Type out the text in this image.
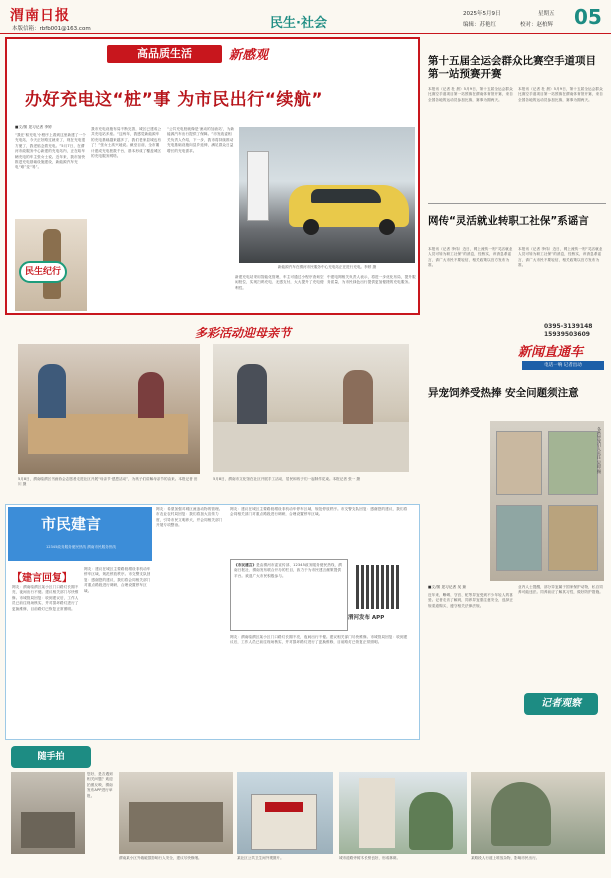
渭南日报
本版信箱：rbfb001@163.com	民生·社会
2025年5月9日	星期五
编辑：苏艳红	校对：赵柏辉 05
高品质生活	新感观
办好充电这“桩”事 为市民出行“续航”
■文/图 见习记者 李婷
“我在‘积充电’小程序上看到这里新建了一个充电站，今天正好路过就来了，现在充电很方便了，我老惦念着充电。”5月7日，在渭河市政服务中心新建的充电站内，正在给车辆充电的车主张女士说。近年来，我市加快推进充电基础设施建设，新能源汽车充电“难”变“易”。
我市充电设施布局不断完善，城区已建成公共充电站多座。“这两年，我感觉新能源车的充电基础越来越多了，我们老家县城也有了！”张女士高兴地说。截至目前，全市累计建成充电桩数千台，基本形成了覆盖城区的充电服务网络。
“公共充电桩就像是‘流动的加油站’，为新能源汽车出行提供了保障。”市发改委相关负责人介绍，下一步，我市将持续推动充电基础设施向县乡延伸，满足群众日益增长的充电需求。
新建充电站采用智能化管理，车主可通过小程序查询空闲桩位，实现扫码充电、无感支付，大大提升了充电便利性。
中建电网相关负责人表示，将进一步优化布局，提升服务质量，为市民绿色出行提供更加便捷的充电服务。
民生纪行	新能源汽车在渭河市民服务中心充电站正在进行充电。李婷 摄
多彩活动迎母亲节
5月8日，渭南临渭区书画协会志愿者走进社区开展“母亲节·感恩活动”，为孩子们讲解母亲节的由来。本报记者 田川 摄
5月8日，渭南市文化馆在社区开展手工活动，居民和孩子们一起制作花束。本报记者 张一 摄
市民建言
12345政务服务便民热线 渭南市民服务热线
【建言回复】
网友：渭南临渭区某小区门口路灯长期不亮，夜间出行不便。建议相关部门尽快维修。市城管局回复：收到建议后，工作人员已前往现场核实，并对损坏路灯进行了更换维修，目前路灯已恢复正常照明。
网友：建议在城区主要路段增设非机动车停车区域，规范停放秩序。市交警支队回复：感谢您的建议，我们将会同相关部门对重点路段进行调研，合理设置停车区域。
网友：希望加强对城区流浪动物的管理。市农业农村局回复：我们将加大宣传力度，引导市民文明养犬，并会同相关部门开展专项整治。
网友：建议在城区主要路段增设非机动车停车区域，规范停放秩序。市交警支队回复：感谢您的建议，我们将会同相关部门对重点路段进行调研，合理设置停车区域。
《市民建言》是由渭河市委宣传部、12345政务服务便民热线、渭南日报社、渭南发布联合开办的栏目，致力于为市民建言献策提供平台。欢迎广大市民积极参与。
渭河发布 APP
网友：渭南临渭区某小区门口路灯长期不亮，夜间出行不便。建议相关部门尽快维修。市城管局回复：收到建议后，工作人员已前往现场核实，并对损坏路灯进行了更换维修，目前路灯已恢复正常照明。
第十五届全运会群众比赛空手道项目第一站预赛开赛
本报讯（记者 杜 晨）5月9日，第十五届全运会群众比赛空手道项目第一站预赛在渭南体育馆开赛，来自全国各地的运动员参加比赛，赛事为期两天。
本报讯（记者 杜 晨）5月9日，第十五届全运会群众比赛空手道项目第一站预赛在渭南体育馆开赛，来自全国各地的运动员参加比赛，赛事为期两天。
网传“灵活就业转职工社保”系谣言
本报讯（记者 李伟）近日，网上流传一则“灵活就业人员可转为职工社保”的消息，经核实，该消息系谣言，请广大市民不要轻信，相关政策以官方发布为准。
本报讯（记者 李伟）近日，网上流传一则“灵活就业人员可转为职工社保”的消息，经核实，该消息系谣言，请广大市民不要轻信，相关政策以官方发布为准。
0395-3139148
15939503609
新闻直通车
电话一响 记者出动
异宠饲养受热捧 安全问题须注意
各类异宠引人关注 吴琼 摄
■文/图 见习记者 吴 琼
近年来，蜥蜴、守宫、蛇等异宠受到不少年轻人的喜爱。记者走访了解到，饲养异宠需注意安全，选择正规渠道购买，遵守相关法律法规。
业内人士提醒，部分异宠属于国家保护动物，私自饲养可能违法。饲养前应了解其习性，做好防护措施。
记者观察
随手拍
您好，是否遇到相关问题？欢迎拍照反映，渭南发布APP进行举报。
渭南某小区外墙破损影响行人安全，建议尽快修缮。	某社区公共卫生间外观图片。	城市道路旁树木长势良好，形成林荫。	某路段人行道上堆放杂物，影响市民出行。
